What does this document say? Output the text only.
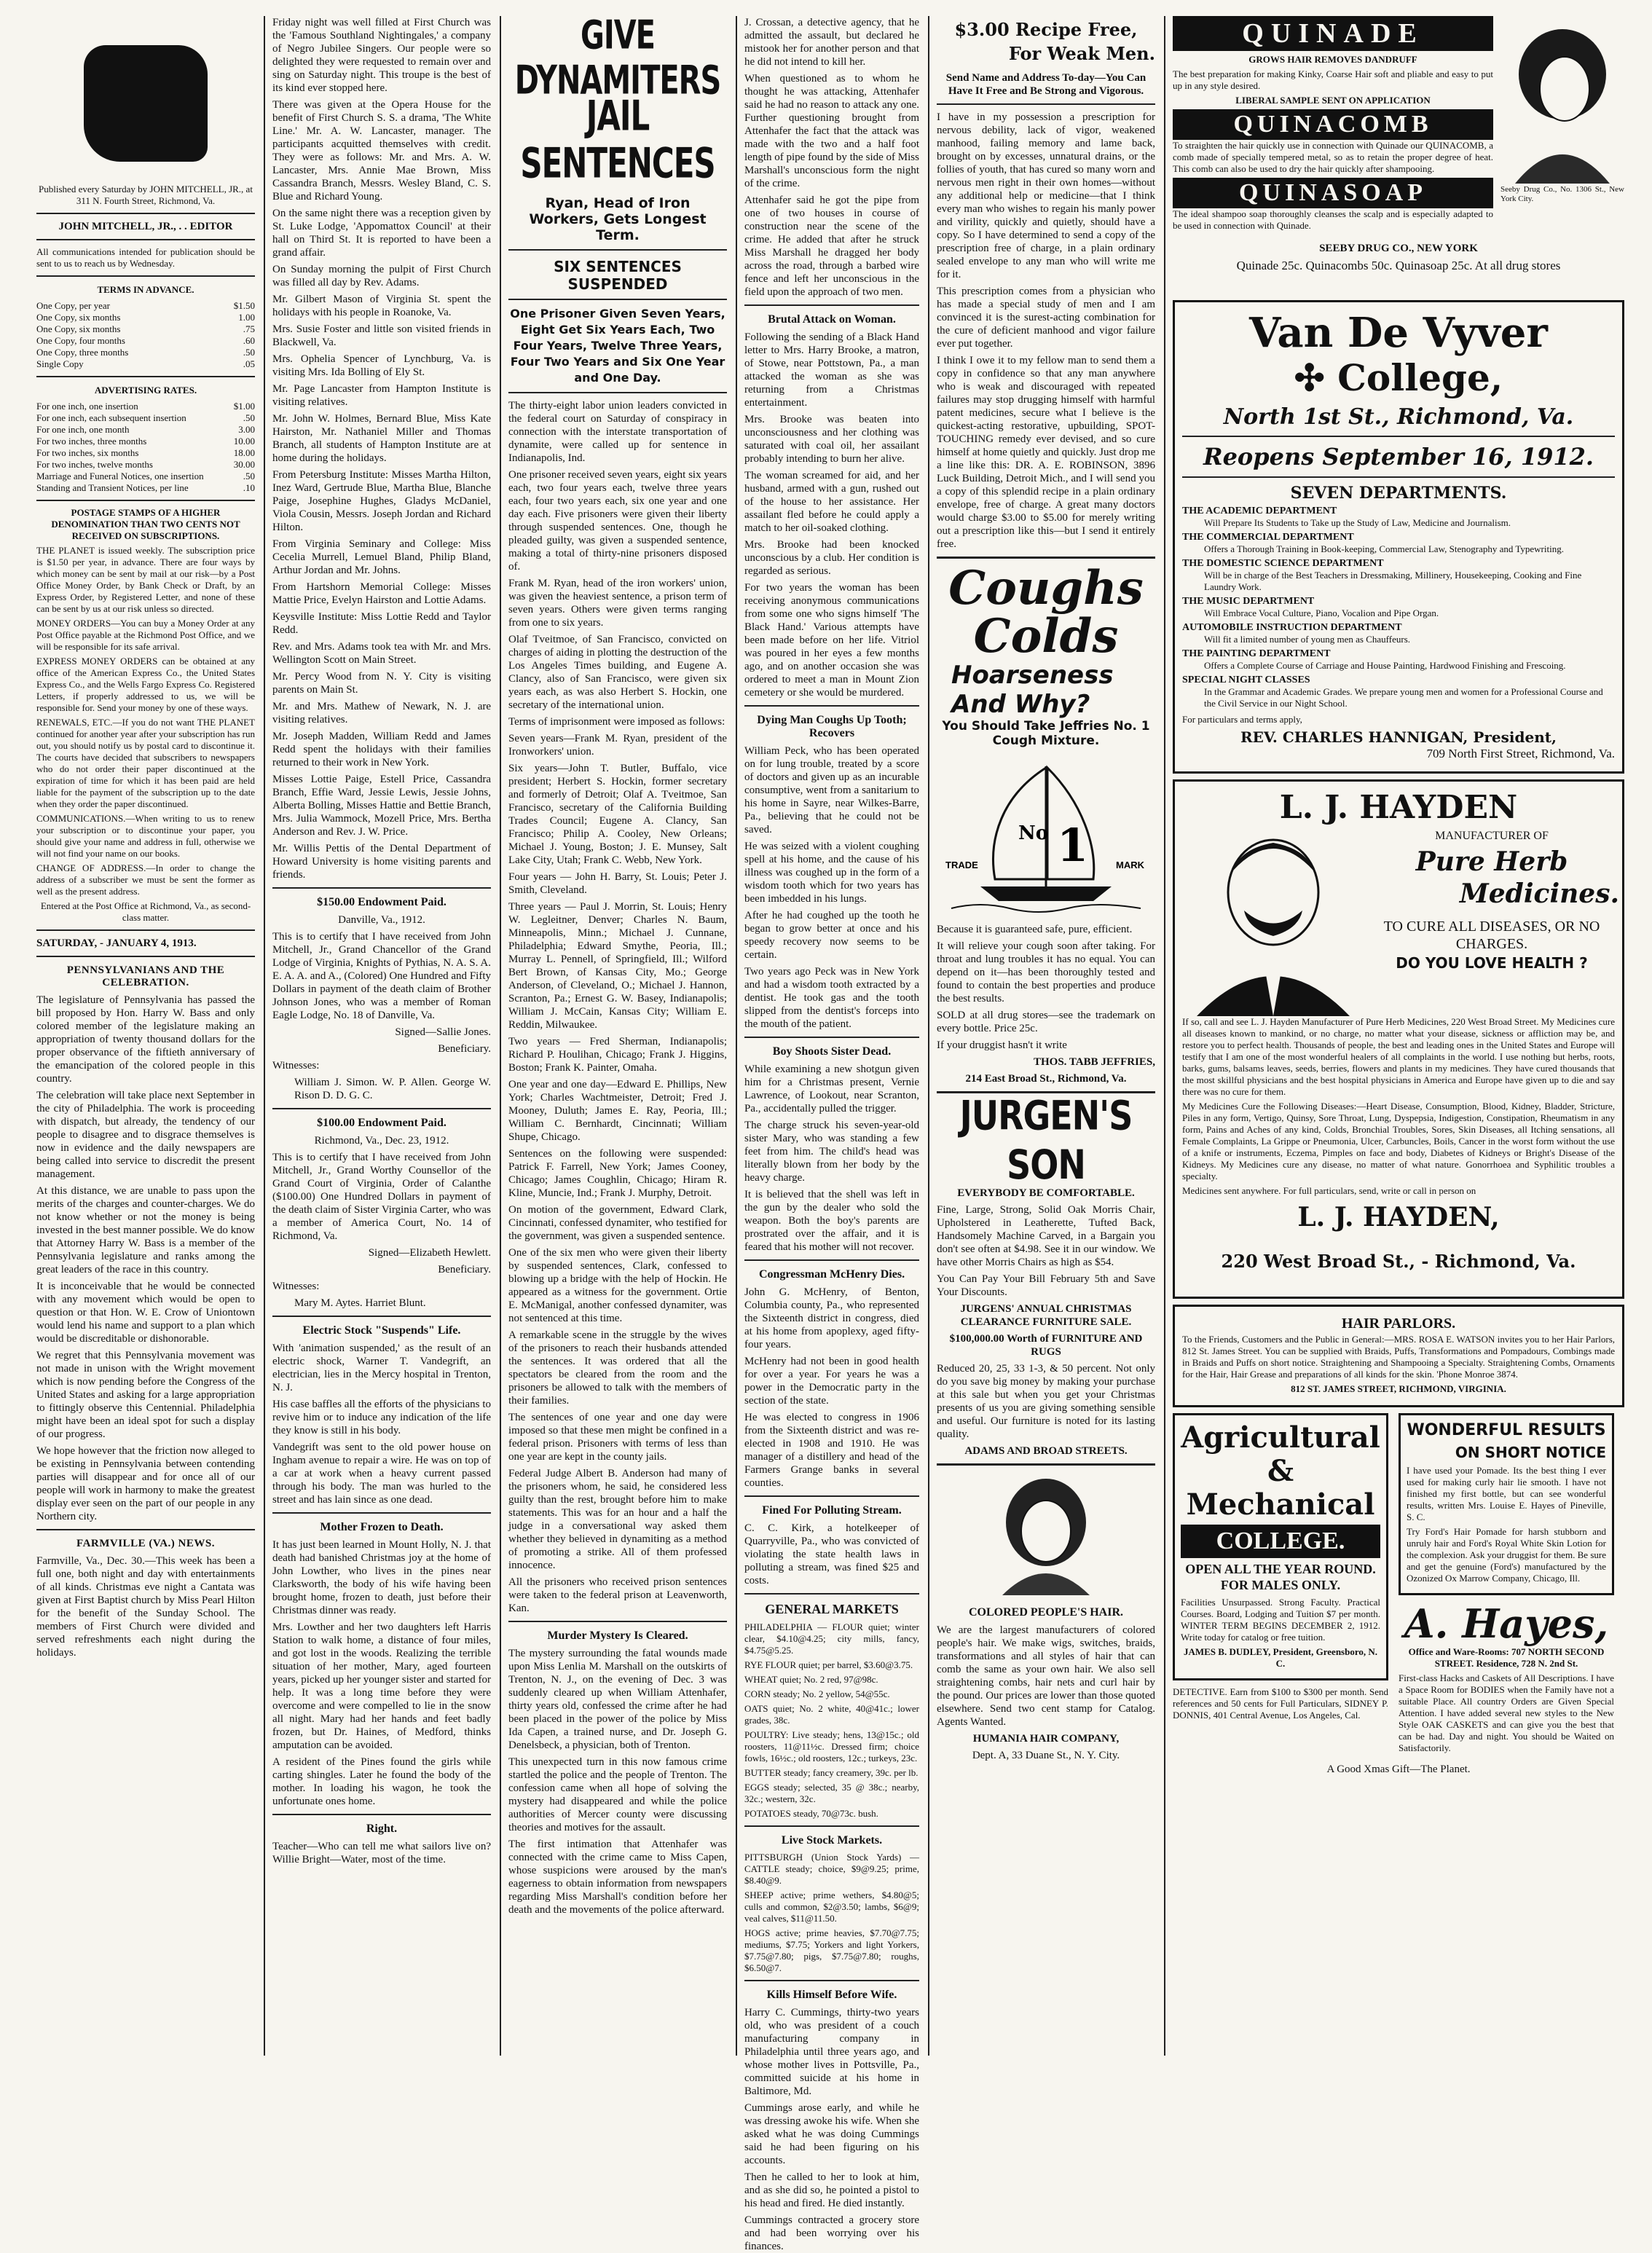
Published every Saturday by JOHN MITCHELL, JR., at 311 N. Fourth Street, Richmond, Va.

JOHN MITCHELL, JR., . . EDITOR

All communications intended for publication should be sent to us to reach us by Wednesday.

TERMS IN ADVANCE.

One Copy, per year	$1.50
One Copy, six months	1.00
One Copy, six months	.75
One Copy, four months	.60
One Copy, three months	.50
Single Copy	.05

ADVERTISING RATES.

For one inch, one insertion	$1.00
For one inch, each subsequent insertion	.50
For one inch, one month	3.00
For two inches, three months	10.00
For two inches, six months	18.00
For two inches, twelve months	30.00
Marriage and Funeral Notices, one insertion	.50
Standing and Transient Notices, per line	.10

POSTAGE STAMPS OF A HIGHER DENOMINATION THAN TWO CENTS NOT RECEIVED ON SUBSCRIPTIONS.

THE PLANET is issued weekly. The subscription price is $1.50 per year, in advance. There are four ways by which money can be sent by mail at our risk—by a Post Office Money Order, by Bank Check or Draft, by an Express Order, by Registered Letter, and none of these can be sent by us at our risk unless so directed.

MONEY ORDERS—You can buy a Money Order at any Post Office payable at the Richmond Post Office, and we will be responsible for its safe arrival.

EXPRESS MONEY ORDERS can be obtained at any office of the American Express Co., the United States Express Co., and the Wells Fargo Express Co. Registered Letters, if properly addressed to us, we will be responsible for. Send your money by one of these ways.

RENEWALS, ETC.—If you do not want THE PLANET continued for another year after your subscription has run out, you should notify us by postal card to discontinue it. The courts have decided that subscribers to newspapers who do not order their paper discontinued at the expiration of time for which it has been paid are held liable for the payment of the subscription up to the date when they order the paper discontinued.

COMMUNICATIONS.—When writing to us to renew your subscription or to discontinue your paper, you should give your name and address in full, otherwise we will not find your name on our books.

CHANGE OF ADDRESS.—In order to change the address of a subscriber we must be sent the former as well as the present address.

Entered at the Post Office at Richmond, Va., as second-class matter.

SATURDAY, - JANUARY 4, 1913.

PENNSYLVANIANS AND THE CELEBRATION.

The legislature of Pennsylvania has passed the bill proposed by Hon. Harry W. Bass and only colored member of the legislature making an appropriation of twenty thousand dollars for the proper observance of the fiftieth anniversary of the emancipation of the colored people in this country.

The celebration will take place next September in the city of Philadelphia. The work is proceeding with dispatch, but already, the tendency of our people to disagree and to disgrace themselves is now in evidence and the daily newspapers are being called into service to discredit the present management.

At this distance, we are unable to pass upon the merits of the charges and counter-charges. We do not know whether or not the money is being invested in the best manner possible. We do know that Attorney Harry W. Bass is a member of the Pennsylvania legislature and ranks among the great leaders of the race in this country.

It is inconceivable that he would be connected with any movement which would be open to question or that Hon. W. E. Crow of Uniontown would lend his name and support to a plan which would be discreditable or dishonorable.

We regret that this Pennsylvania movement was not made in unison with the Wright movement which is now pending before the Congress of the United States and asking for a large appropriation to fittingly observe this Centennial. Philadelphia might have been an ideal spot for such a display of our progress.

We hope however that the friction now alleged to be existing in Pennsylvania between contending parties will disappear and for once all of our people will work in harmony to make the greatest display ever seen on the part of our people in any Northern city.

FARMVILLE (VA.) NEWS.

Farmville, Va., Dec. 30.—This week has been a full one, both night and day with entertainments of all kinds. Christmas eve night a Cantata was given at First Baptist church by Miss Pearl Hilton for the benefit of the Sunday School. The members of First Church were divided and served refreshments each night during the holidays.

Friday night was well filled at First Church was the 'Famous Southland Nightingales,' a company of Negro Jubilee Singers. Our people were so delighted they were requested to remain over and sing on Saturday night. This troupe is the best of its kind ever stopped here.

There was given at the Opera House for the benefit of First Church S. S. a drama, 'The White Line.' Mr. A. W. Lancaster, manager. The participants acquitted themselves with credit. They were as follows: Mr. and Mrs. A. W. Lancaster, Mrs. Annie Mae Brown, Miss Cassandra Branch, Messrs. Wesley Bland, C. S. Blue and Richard Young.

On the same night there was a reception given by St. Luke Lodge, 'Appomattox Council' at their hall on Third St. It is reported to have been a grand affair.

On Sunday morning the pulpit of First Church was filled all day by Rev. Adams.

Mr. Gilbert Mason of Virginia St. spent the holidays with his people in Roanoke, Va.

Mrs. Susie Foster and little son visited friends in Blackwell, Va.

Mrs. Ophelia Spencer of Lynchburg, Va. is visiting Mrs. Ida Bolling of Ely St.

Mr. Page Lancaster from Hampton Institute is visiting relatives.

Mr. John W. Holmes, Bernard Blue, Miss Kate Hairston, Mr. Nathaniel Miller and Thomas Branch, all students of Hampton Institute are at home during the holidays.

From Petersburg Institute: Misses Martha Hilton, Inez Ward, Gertrude Blue, Martha Blue, Blanche Paige, Josephine Hughes, Gladys McDaniel, Viola Cousin, Messrs. Joseph Jordan and Richard Hilton.

From Virginia Seminary and College: Miss Cecelia Murrell, Lemuel Bland, Philip Bland, Arthur Jordan and Mr. Johns.

From Hartshorn Memorial College: Misses Mattie Price, Evelyn Hairston and Lottie Adams.

Keysville Institute: Miss Lottie Redd and Taylor Redd.

Rev. and Mrs. Adams took tea with Mr. and Mrs. Wellington Scott on Main Street.

Mr. Percy Wood from N. Y. City is visiting parents on Main St.

Mr. and Mrs. Mathew of Newark, N. J. are visiting relatives.

Mr. Joseph Madden, William Redd and James Redd spent the holidays with their families returned to their work in New York.

Misses Lottie Paige, Estell Price, Cassandra Branch, Effie Ward, Jessie Lewis, Jessie Johns, Alberta Bolling, Misses Hattie and Bettie Branch, Mrs. Julia Wammock, Mozell Price, Mrs. Bertha Anderson and Rev. J. W. Price.

Mr. Willis Pettis of the Dental Department of Howard University is home visiting parents and friends.

$150.00 Endowment Paid.

Danville, Va., 1912.

This is to certify that I have received from John Mitchell, Jr., Grand Chancellor of the Grand Lodge of Virginia, Knights of Pythias, N. A. S. A. E. A. A. and A., (Colored) One Hundred and Fifty Dollars in payment of the death claim of Brother Johnson Jones, who was a member of Roman Eagle Lodge, No. 18 of Danville, Va.

Signed—Sallie Jones.

Beneficiary.

Witnesses:

William J. Simon. W. P. Allen. George W. Rison D. D. G. C.

$100.00 Endowment Paid.

Richmond, Va., Dec. 23, 1912.

This is to certify that I have received from John Mitchell, Jr., Grand Worthy Counsellor of the Grand Court of Virginia, Order of Calanthe ($100.00) One Hundred Dollars in payment of the death claim of Sister Virginia Carter, who was a member of America Court, No. 14 of Richmond, Va.

Signed—Elizabeth Hewlett.

Beneficiary.

Witnesses:

Mary M. Aytes. Harriet Blunt.

Electric Stock "Suspends" Life.

With 'animation suspended,' as the result of an electric shock, Warner T. Vandegrift, an electrician, lies in the Mercy hospital in Trenton, N. J.

His case baffles all the efforts of the physicians to revive him or to induce any indication of the life they know is still in his body.

Vandegrift was sent to the old power house on Ingham avenue to repair a wire. He was on top of a car at work when a heavy current passed through his body. The man was hurled to the street and has lain since as one dead.

Mother Frozen to Death.

It has just been learned in Mount Holly, N. J. that death had banished Christmas joy at the home of John Lowther, who lives in the pines near Clarksworth, the body of his wife having been brought home, frozen to death, just before their Christmas dinner was ready.

Mrs. Lowther and her two daughters left Harris Station to walk home, a distance of four miles, and got lost in the woods. Realizing the terrible situation of her mother, Mary, aged fourteen years, picked up her younger sister and started for help. It was a long time before they were overcome and were compelled to lie in the snow all night. Mary had her hands and feet badly frozen, but Dr. Haines, of Medford, thinks amputation can be avoided.

A resident of the Pines found the girls while carting shingles. Later he found the body of the mother. In loading his wagon, he took the unfortunate ones home.

Right.

Teacher—Who can tell me what sailors live on? Willie Bright—Water, most of the time.

GIVE DYNAMITERS
JAIL SENTENCES

Ryan, Head of Iron Workers, Gets Longest Term.

SIX SENTENCES SUSPENDED

One Prisoner Given Seven Years, Eight Get Six Years Each, Two Four Years, Twelve Three Years, Four Two Years and Six One Year and One Day.

The thirty-eight labor union leaders convicted in the federal court on Saturday of conspiracy in connection with the interstate transportation of dynamite, were called up for sentence in Indianapolis, Ind.

One prisoner received seven years, eight six years each, two four years each, twelve three years each, four two years each, six one year and one day each. Five prisoners were given their liberty through suspended sentences. One, though he pleaded guilty, was given a suspended sentence, making a total of thirty-nine prisoners disposed of.

Frank M. Ryan, head of the iron workers' union, was given the heaviest sentence, a prison term of seven years. Others were given terms ranging from one to six years.

Olaf Tveitmoe, of San Francisco, convicted on charges of aiding in plotting the destruction of the Los Angeles Times building, and Eugene A. Clancy, also of San Francisco, were given six years each, as was also Herbert S. Hockin, one secretary of the international union.

Terms of imprisonment were imposed as follows:

Seven years—Frank M. Ryan, president of the Ironworkers' union.

Six years—John T. Butler, Buffalo, vice president; Herbert S. Hockin, former secretary and formerly of Detroit; Olaf A. Tveitmoe, San Francisco, secretary of the California Building Trades Council; Eugene A. Clancy, San Francisco; Philip A. Cooley, New Orleans; Michael J. Young, Boston; J. E. Munsey, Salt Lake City, Utah; Frank C. Webb, New York.

Four years — John H. Barry, St. Louis; Peter J. Smith, Cleveland.

Three years — Paul J. Morrin, St. Louis; Henry W. Legleitner, Denver; Charles N. Baum, Minneapolis, Minn.; Michael J. Cunnane, Philadelphia; Edward Smythe, Peoria, Ill.; Murray L. Pennell, of Springfield, Ill.; Wilford Bert Brown, of Kansas City, Mo.; George Anderson, of Cleveland, O.; Michael J. Hannon, Scranton, Pa.; Ernest G. W. Basey, Indianapolis; William J. McCain, Kansas City; William E. Reddin, Milwaukee.

Two years — Fred Sherman, Indianapolis; Richard P. Houlihan, Chicago; Frank J. Higgins, Boston; Frank K. Painter, Omaha.

One year and one day—Edward E. Phillips, New York; Charles Wachtmeister, Detroit; Fred J. Mooney, Duluth; James E. Ray, Peoria, Ill.; William C. Bernhardt, Cincinnati; William Shupe, Chicago.

Sentences on the following were suspended: Patrick F. Farrell, New York; James Cooney, Chicago; James Coughlin, Chicago; Hiram R. Kline, Muncie, Ind.; Frank J. Murphy, Detroit.

On motion of the government, Edward Clark, Cincinnati, confessed dynamiter, who testified for the government, was given a suspended sentence.

One of the six men who were given their liberty by suspended sentences, Clark, confessed to blowing up a bridge with the help of Hockin. He appeared as a witness for the government. Ortie E. McManigal, another confessed dynamiter, was not sentenced at this time.

A remarkable scene in the struggle by the wives of the prisoners to reach their husbands attended the sentences. It was ordered that all the spectators be cleared from the room and the prisoners be allowed to talk with the members of their families.

The sentences of one year and one day were imposed so that these men might be confined in a federal prison. Prisoners with terms of less than one year are kept in the county jails.

Federal Judge Albert B. Anderson had many of the prisoners whom, he said, he considered less guilty than the rest, brought before him to make statements. This was for an hour and a half the judge in a conversational way asked them whether they believed in dynamiting as a method of promoting a strike. All of them professed innocence.

All the prisoners who received prison sentences were taken to the federal prison at Leavenworth, Kan.

Murder Mystery Is Cleared.

The mystery surrounding the fatal wounds made upon Miss Lenlia M. Marshall on the outskirts of Trenton, N. J., on the evening of Dec. 3 was suddenly cleared up when William Attenhafer, thirty years old, confessed the crime after he had been placed in the power of the police by Miss Ida Capen, a trained nurse, and Dr. Joseph G. Denelsbeck, a physician, both of Trenton.

This unexpected turn in this now famous crime startled the police and the people of Trenton. The confession came when all hope of solving the mystery had disappeared and while the police authorities of Mercer county were discussing theories and motives for the assault.

The first intimation that Attenhafer was connected with the crime came to Miss Capen, whose suspicions were aroused by the man's eagerness to obtain information from newspapers regarding Miss Marshall's condition before her death and the movements of the police afterward.

J. Crossan, a detective agency, that he admitted the assault, but declared he mistook her for another person and that he did not intend to kill her.

When questioned as to whom he thought he was attacking, Attenhafer said he had no reason to attack any one. Further questioning brought from Attenhafer the fact that the attack was made with the two and a half foot length of pipe found by the side of Miss Marshall's unconscious form the night of the crime.

Attenhafer said he got the pipe from one of two houses in course of construction near the scene of the crime. He added that after he struck Miss Marshall he dragged her body across the road, through a barbed wire fence and left her unconscious in the field upon the approach of two men.

Brutal Attack on Woman.

Following the sending of a Black Hand letter to Mrs. Harry Brooke, a matron, of Stowe, near Pottstown, Pa., a man attacked the woman as she was returning from a Christmas entertainment.

Mrs. Brooke was beaten into unconsciousness and her clothing was saturated with coal oil, her assailant probably intending to burn her alive.

The woman screamed for aid, and her husband, armed with a gun, rushed out of the house to her assistance. Her assailant fled before he could apply a match to her oil-soaked clothing.

Mrs. Brooke had been knocked unconscious by a club. Her condition is regarded as serious.

For two years the woman has been receiving anonymous communications from some one who signs himself 'The Black Hand.' Various attempts have been made before on her life. Vitriol was poured in her eyes a few months ago, and on another occasion she was ordered to meet a man in Mount Zion cemetery or she would be murdered.

Dying Man Coughs Up Tooth; Recovers

William Peck, who has been operated on for lung trouble, treated by a score of doctors and given up as an incurable consumptive, went from a sanitarium to his home in Sayre, near Wilkes-Barre, Pa., believing that he could not be saved.

He was seized with a violent coughing spell at his home, and the cause of his illness was coughed up in the form of a wisdom tooth which for two years has been imbedded in his lungs.

After he had coughed up the tooth he began to grow better at once and his speedy recovery now seems to be certain.

Two years ago Peck was in New York and had a wisdom tooth extracted by a dentist. He took gas and the tooth slipped from the dentist's forceps into the mouth of the patient.

Boy Shoots Sister Dead.

While examining a new shotgun given him for a Christmas present, Vernie Lawrence, of Lookout, near Scranton, Pa., accidentally pulled the trigger.

The charge struck his seven-year-old sister Mary, who was standing a few feet from him. The child's head was literally blown from her body by the heavy charge.

It is believed that the shell was left in the gun by the dealer who sold the weapon. Both the boy's parents are prostrated over the affair, and it is feared that his mother will not recover.

Congressman McHenry Dies.

John G. McHenry, of Benton, Columbia county, Pa., who represented the Sixteenth district in congress, died at his home from apoplexy, aged fifty-four years.

McHenry had not been in good health for over a year. For years he was a power in the Democratic party in the section of the state.

He was elected to congress in 1906 from the Sixteenth district and was re-elected in 1908 and 1910. He was manager of a distillery and head of the Farmers Grange banks in several counties.

Fined For Polluting Stream.

C. C. Kirk, a hotelkeeper of Quarryville, Pa., who was convicted of violating the state health laws in polluting a stream, was fined $25 and costs.

GENERAL MARKETS

PHILADELPHIA — FLOUR quiet; winter clear, $4.10@4.25; city mills, fancy, $4.75@5.25.

RYE FLOUR quiet; per barrel, $3.60@3.75.

WHEAT quiet; No. 2 red, 97@98c.

CORN steady; No. 2 yellow, 54@55c.

OATS quiet; No. 2 white, 40@41c.; lower grades, 38c.

POULTRY: Live steady; hens, 13@15c.; old roosters, 11@11½c. Dressed firm; choice fowls, 16½c.; old roosters, 12c.; turkeys, 23c.

BUTTER steady; fancy creamery, 39c. per lb.

EGGS steady; selected, 35 @ 38c.; nearby, 32c.; western, 32c.

POTATOES steady, 70@73c. bush.

Live Stock Markets.

PITTSBURGH (Union Stock Yards) — CATTLE steady; choice, $9@9.25; prime, $8.40@9.

SHEEP active; prime wethers, $4.80@5; culls and common, $2@3.50; lambs, $6@9; veal calves, $11@11.50.

HOGS active; prime heavies, $7.70@7.75; mediums, $7.75; Yorkers and light Yorkers, $7.75@7.80; pigs, $7.75@7.80; roughs, $6.50@7.

Kills Himself Before Wife.

Harry C. Cummings, thirty-two years old, who was president of a couch manufacturing company in Philadelphia until three years ago, and whose mother lives in Pottsville, Pa., committed suicide at his home in Baltimore, Md.

Cummings arose early, and while he was dressing awoke his wife. When she asked what he was doing Cummings said he had been figuring on his accounts.

Then he called to her to look at him, and as she did so, he pointed a pistol to his head and fired. He died instantly.

Cummings contracted a grocery store and had been worrying over his finances.

$3.00 Recipe Free,

For Weak Men.

Send Name and Address To-day—You Can Have It Free and Be Strong and Vigorous.

I have in my possession a prescription for nervous debility, lack of vigor, weakened manhood, failing memory and lame back, brought on by excesses, unnatural drains, or the follies of youth, that has cured so many worn and nervous men right in their own homes—without any additional help or medicine—that I think every man who wishes to regain his manly power and virility, quickly and quietly, should have a copy. So I have determined to send a copy of the prescription free of charge, in a plain ordinary sealed envelope to any man who will write me for it.

This prescription comes from a physician who has made a special study of men and I am convinced it is the surest-acting combination for the cure of deficient manhood and vigor failure ever put together.

I think I owe it to my fellow man to send them a copy in confidence so that any man anywhere who is weak and discouraged with repeated failures may stop drugging himself with harmful patent medicines, secure what I believe is the quickest-acting restorative, upbuilding, SPOT-TOUCHING remedy ever devised, and so cure himself at home quietly and quickly. Just drop me a line like this: DR. A. E. ROBINSON, 3896 Luck Building, Detroit Mich., and I will send you a copy of this splendid recipe in a plain ordinary envelope, free of charge. A great many doctors would charge $3.00 to $5.00 for merely writing out a prescription like this—but I send it entirely free.

Coughs
Colds
Hoarseness
And Why?

You Should Take Jeffries No. 1 Cough Mixture.

No 1
TRADE	MARK

Because it is guaranteed safe, pure, efficient.

It will relieve your cough soon after taking. For throat and lung troubles it has no equal. You can depend on it—has been thoroughly tested and found to contain the best properties and produce the best results.

SOLD at all drug stores—see the trademark on every bottle. Price 25c.

If your druggist hasn't it write

THOS. TABB JEFFRIES,

214 East Broad St., Richmond, Va.

JURGEN'S SON

EVERYBODY BE COMFORTABLE.

Fine, Large, Strong, Solid Oak Morris Chair, Upholstered in Leatherette, Tufted Back, Handsomely Machine Carved, in a Bargain you don't see often at $4.98. See it in our window. We have other Morris Chairs as high as $54.

You Can Pay Your Bill February 5th and Save Your Discounts.

JURGENS' ANNUAL CHRISTMAS CLEARANCE FURNITURE SALE.

$100,000.00 Worth of FURNITURE AND RUGS

Reduced 20, 25, 33 1-3, & 50 percent. Not only do you save big money by making your purchase at this sale but when you get your Christmas presents of us you are giving something sensible and useful. Our furniture is noted for its lasting quality.

ADAMS AND BROAD STREETS.

COLORED PEOPLE'S HAIR.

We are the largest manufacturers of colored people's hair. We make wigs, switches, braids, transformations and all styles of hair that can comb the same as your own hair. We also sell straightening combs, hair nets and curl hair by the pound. Our prices are lower than those quoted elsewhere. Send two cent stamp for Catalog. Agents Wanted.

HUMANIA HAIR COMPANY,

Dept. A, 33 Duane St., N. Y. City.

QUINADE

GROWS HAIR REMOVES DANDRUFF

The best preparation for making Kinky, Coarse Hair soft and pliable and easy to put up in any style desired.

LIBERAL SAMPLE SENT ON APPLICATION

QUINACOMB

To straighten the hair quickly use in connection with Quinade our QUINACOMB, a comb made of specially tempered metal, so as to retain the proper degree of heat. This comb can also be used to dry the hair quickly after shampooing.

QUINASOAP

The ideal shampoo soap thoroughly cleanses the scalp and is especially adapted to be used in connection with Quinade.

Seeby Drug Co., No. 1306 St., New York City.

SEEBY DRUG CO., NEW YORK

Quinade 25c. Quinacombs 50c. Quinasoap 25c. At all drug stores

Van De Vyver
✣ College,

North 1st St., Richmond, Va.

Reopens September 16, 1912.

SEVEN DEPARTMENTS.

THE ACADEMIC DEPARTMENT

Will Prepare Its Students to Take up the Study of Law, Medicine and Journalism.

THE COMMERCIAL DEPARTMENT

Offers a Thorough Training in Book-keeping, Commercial Law, Stenography and Typewriting.

THE DOMESTIC SCIENCE DEPARTMENT

Will be in charge of the Best Teachers in Dressmaking, Millinery, Housekeeping, Cooking and Fine Laundry Work.

THE MUSIC DEPARTMENT

Will Embrace Vocal Culture, Piano, Vocalion and Pipe Organ.

AUTOMOBILE INSTRUCTION DEPARTMENT

Will fit a limited number of young men as Chauffeurs.

THE PAINTING DEPARTMENT

Offers a Complete Course of Carriage and House Painting, Hardwood Finishing and Frescoing.

SPECIAL NIGHT CLASSES

In the Grammar and Academic Grades. We prepare young men and women for a Professional Course and the Civil Service in our Night School.

For particulars and terms apply,

REV. CHARLES HANNIGAN, President,

709 North First Street, Richmond, Va.

L. J. HAYDEN

MANUFACTURER OF

Pure Herb

Medicines.

TO CURE ALL DISEASES, OR NO CHARGES.

DO YOU LOVE HEALTH ?

If so, call and see L. J. Hayden Manufacturer of Pure Herb Medicines, 220 West Broad Street. My Medicines cure all diseases known to mankind, or no charge, no matter what your disease, sickness or affliction may be, and restore you to perfect health. Thousands of people, the best and leading ones in the United States and Europe will testify that I am one of the most wonderful healers of all complaints in the world. I use nothing but herbs, roots, barks, gums, balsams leaves, seeds, berries, flowers and plants in my medicines. They have cured thousands that the most skillful physicians and the best hospital physicians in America and Europe have given up to die and say there was no cure for them.

My Medicines Cure the Following Diseases:—Heart Disease, Consumption, Blood, Kidney, Bladder, Stricture, Piles in any form, Vertigo, Quinsy, Sore Throat, Lung, Dyspepsia, Indigestion, Constipation, Rheumatism in any form, Pains and Aches of any kind, Colds, Bronchial Troubles, Sores, Skin Diseases, all Itching sensations, all Female Complaints, La Grippe or Pneumonia, Ulcer, Carbuncles, Boils, Cancer in the worst form without the use of a knife or instruments, Eczema, Pimples on face and body, Diabetes of Kidneys or Bright's Disease of the Kidneys. My Medicines cure any disease, no matter of what nature. Gonorrhoea and Syphilitic troubles a specialty.

Medicines sent anywhere. For full particulars, send, write or call in person on

L. J. HAYDEN,

220 West Broad St., - Richmond, Va.

HAIR PARLORS.

To the Friends, Customers and the Public in General:—MRS. ROSA E. WATSON invites you to her Hair Parlors, 812 St. James Street. You can be supplied with Braids, Puffs, Transformations and Pompadours, Combings made in Braids and Puffs on short notice. Straightening and Shampooing a Specialty. Straightening Combs, Ornaments for the Hair, Hair Grease and preparations of all kinds for the skin. 'Phone Monroe 3874.

812 ST. JAMES STREET, RICHMOND, VIRGINIA.

Agricultural
& Mechanical
COLLEGE.

OPEN ALL THE YEAR ROUND. FOR MALES ONLY.

Facilities Unsurpassed. Strong Faculty. Practical Courses. Board, Lodging and Tuition $7 per month. WINTER TERM BEGINS DECEMBER 2, 1912. Write today for catalog or free tuition.

JAMES B. DUDLEY, President, Greensboro, N. C.

DETECTIVE. Earn from $100 to $300 per month. Send references and 50 cents for Full Particulars, SIDNEY P. DONNIS, 401 Central Avenue, Los Angeles, Cal.

WONDERFUL RESULTS

ON SHORT NOTICE

I have used your Pomade. Its the best thing I ever used for making curly hair lie smooth. I have not finished my first bottle, but can see wonderful results, written Mrs. Louise E. Hayes of Pineville, S. C.

Try Ford's Hair Pomade for harsh stubborn and unruly hair and Ford's Royal White Skin Lotion for the complexion. Ask your druggist for them. Be sure and get the genuine (Ford's) manufactured by the Ozonized Ox Marrow Company, Chicago, Ill.

A. Hayes,

Office and Ware-Rooms: 707 NORTH SECOND STREET. Residence, 728 N. 2nd St.

First-class Hacks and Caskets of All Descriptions. I have a Space Room for BODIES when the Family have not a suitable Place. All country Orders are Given Special Attention. I have added several new styles to the New Style OAK CASKETS and can give you the best that can be had. Day and night. You should be Waited on Satisfactorily.

A Good Xmas Gift—The Planet.
